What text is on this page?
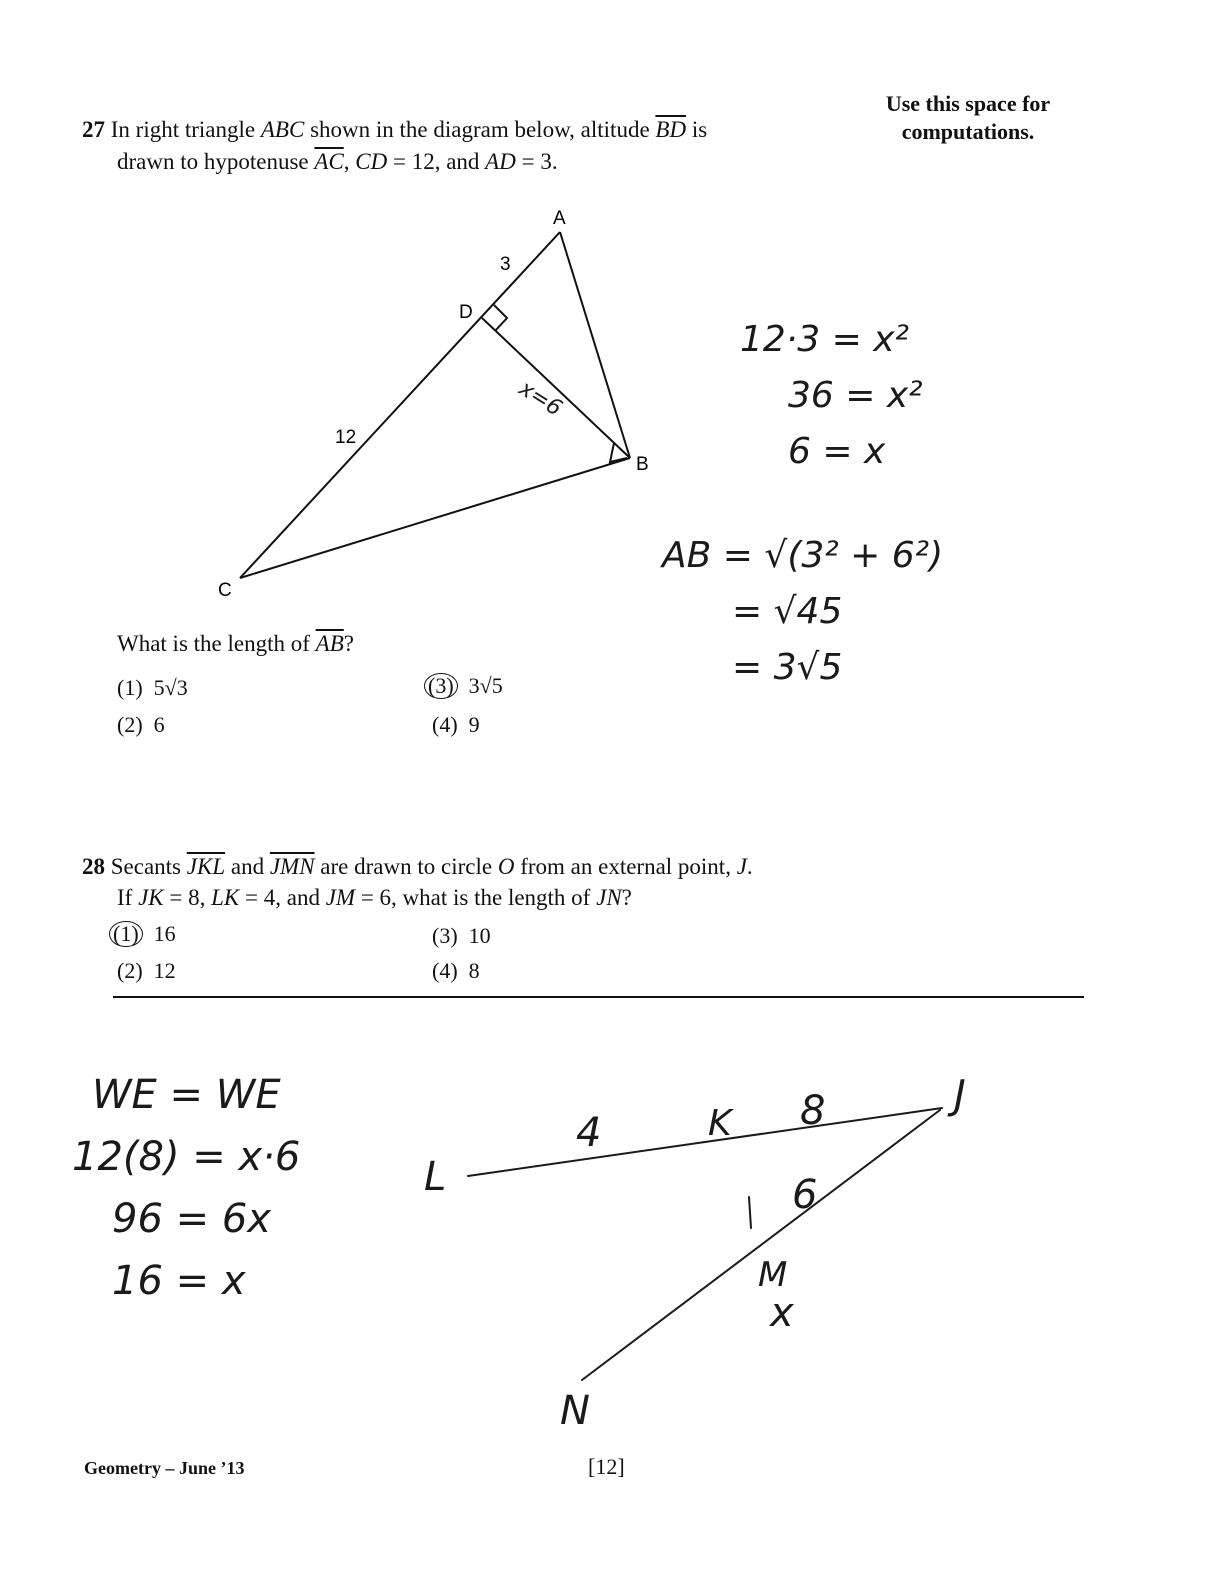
Use this space for
computations.
27 In right triangle ABC shown in the diagram below, altitude $\overline{BD}$ is
drawn to hypotenuse $\overline{AC}$, CD = 12, and AD = 3.
A
B
C
D
3
12
x=6
12·3 = x²
36 = x²
6 = x
AB = √(3² + 6²)
= √45
= 3√5
What is the length of $\overline{AB}$?
(1) 5√3
(2) 6
(3) 3√5
(4) 9
28 Secants $\overline{JKL}$ and $\overline{JMN}$ are drawn to circle O from an external point, J.
If JK = 8, LK = 4, and JM = 6, what is the length of JN?
(1) 16
(2) 12
(3) 10
(4) 8
WE = WE
12(8) = x·6
96 = 6x
16 = x
L
4	K 8	J
6
M
x
N
Geometry – June ’13	[12]
